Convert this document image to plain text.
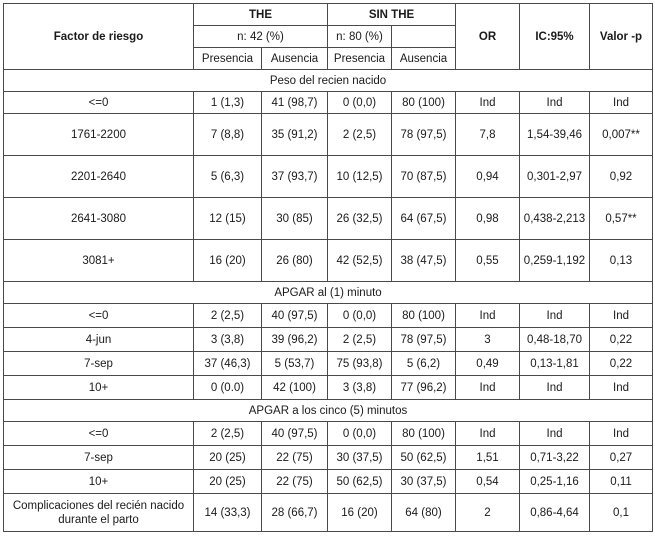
Factor de riesgo	THE		SIN THE		OR	IC:95%	Valor -p
	n: 42 (%)		n: 80 (%)				
	Presencia	Ausencia	Presencia	Ausencia			
Peso del recien nacido							
<=0	1 (1,3)	41 (98,7)	0 (0,0)	80 (100)	Ind	Ind	Ind
1761-2200	7 (8,8)	35 (91,2)	2 (2,5)	78 (97,5)	7,8	1,54-39,46	0,007**
2201-2640	5 (6,3)	37 (93,7)	10 (12,5)	70 (87,5)	0,94	0,301-2,97	0,92
2641-3080	12 (15)	30 (85)	26 (32,5)	64 (67,5)	0,98	0,438-2,213	0,57**
3081+	16 (20)	26 (80)	42 (52,5)	38 (47,5)	0,55	0,259-1,192	0,13
APGAR al (1) minuto							
<=0	2 (2,5)	40 (97,5)	0 (0,0)	80 (100)	Ind	Ind	Ind
4-jun	3 (3,8)	39 (96,2)	2 (2,5)	78 (97,5)	3	0,48-18,70	0,22
7-sep	37 (46,3)	5 (53,7)	75 (93,8)	5 (6,2)	0,49	0,13-1,81	0,22
10+	0 (0.0)	42 (100)	3 (3,8)	77 (96,2)	Ind	Ind	Ind
APGAR a los cinco (5) minutos							
<=0	2 (2,5)	40 (97,5)	0 (0,0)	80 (100)	Ind	Ind	Ind
7-sep	20 (25)	22 (75)	30 (37,5)	50 (62,5)	1,51	0,71-3,22	0,27
10+	20 (25)	22 (75)	50 (62,5)	30 (37,5)	0,54	0,25-1,16	0,11
Complicaciones del recién nacido durante el parto	14 (33,3)	28 (66,7)	16 (20)	64 (80)	2	0,86-4,64	0,1
